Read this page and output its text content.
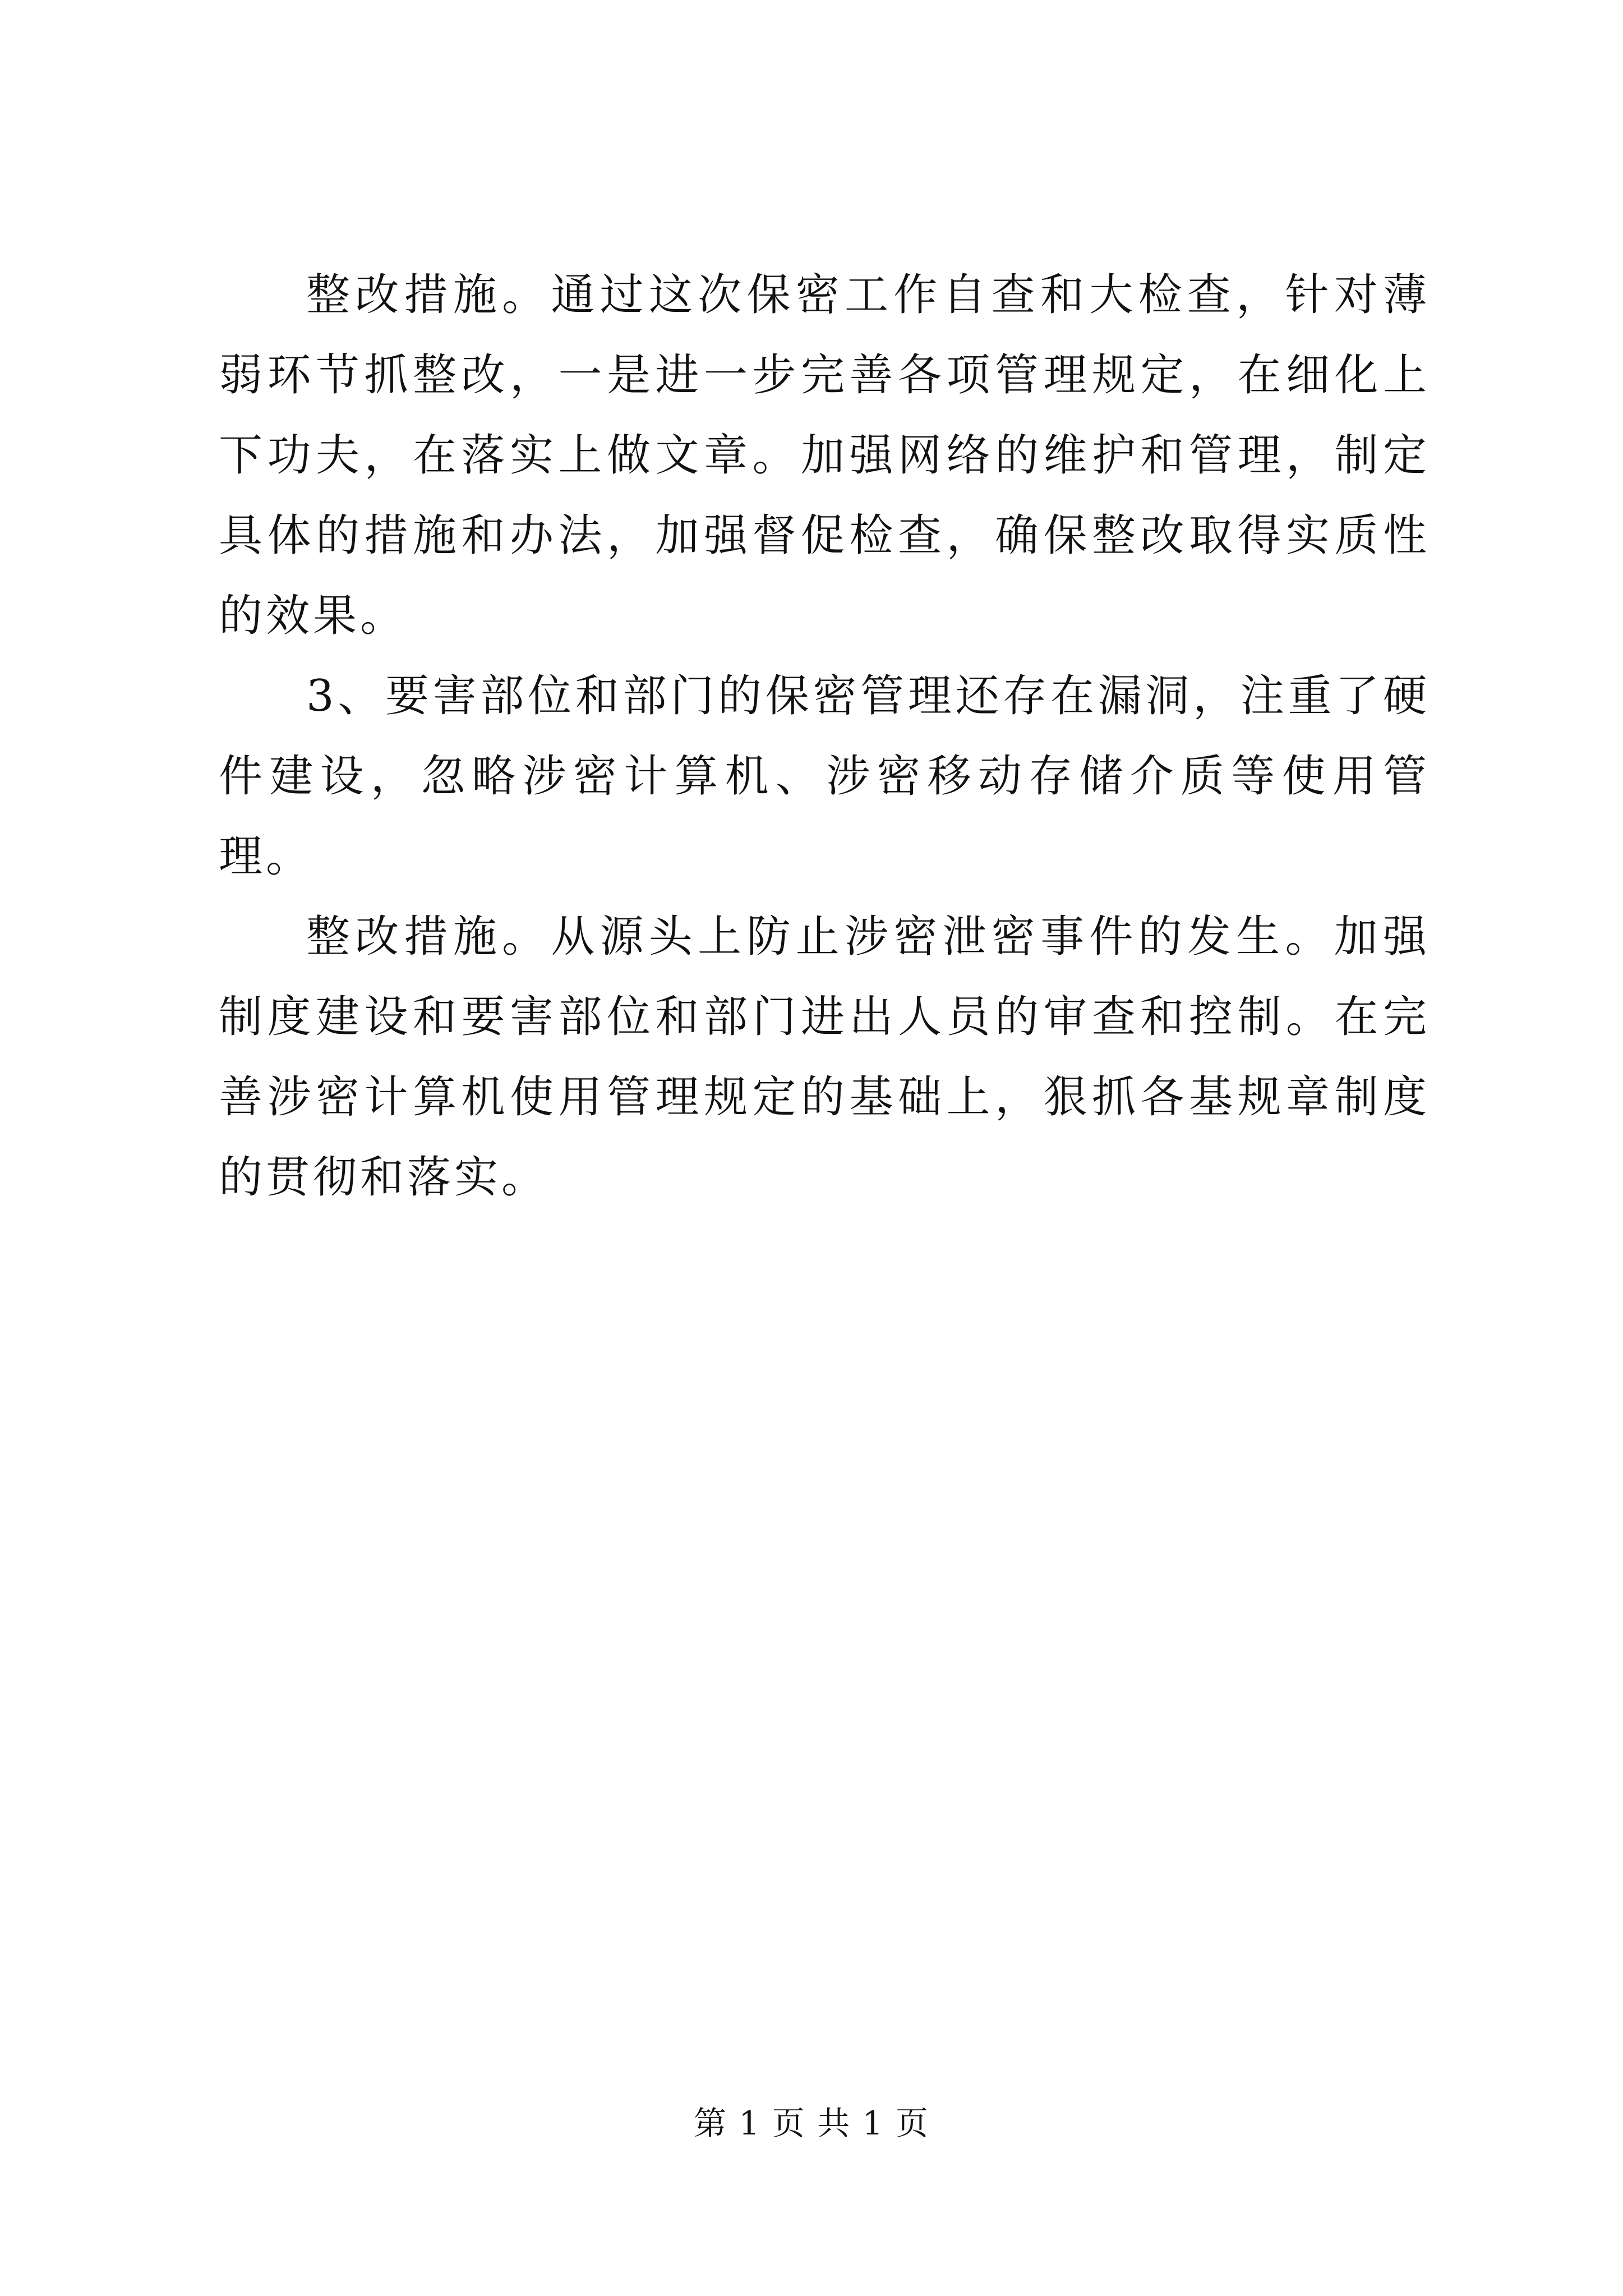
整改措施。通过这次保密工作自查和大检查，针对薄弱环节抓整改，一是进一步完善各项管理规定，在细化上下功夫，在落实上做文章。加强网络的维护和管理，制定具体的措施和办法，加强督促检查，确保整改取得实质性的效果。

3、要害部位和部门的保密管理还存在漏洞，注重了硬件建设，忽略涉密计算机、涉密移动存储介质等使用管理。

整改措施。从源头上防止涉密泄密事件的发生。加强制度建设和要害部位和部门进出人员的审查和控制。在完善涉密计算机使用管理规定的基础上，狠抓各基规章制度的贯彻和落实。

第 1 页 共 1 页
